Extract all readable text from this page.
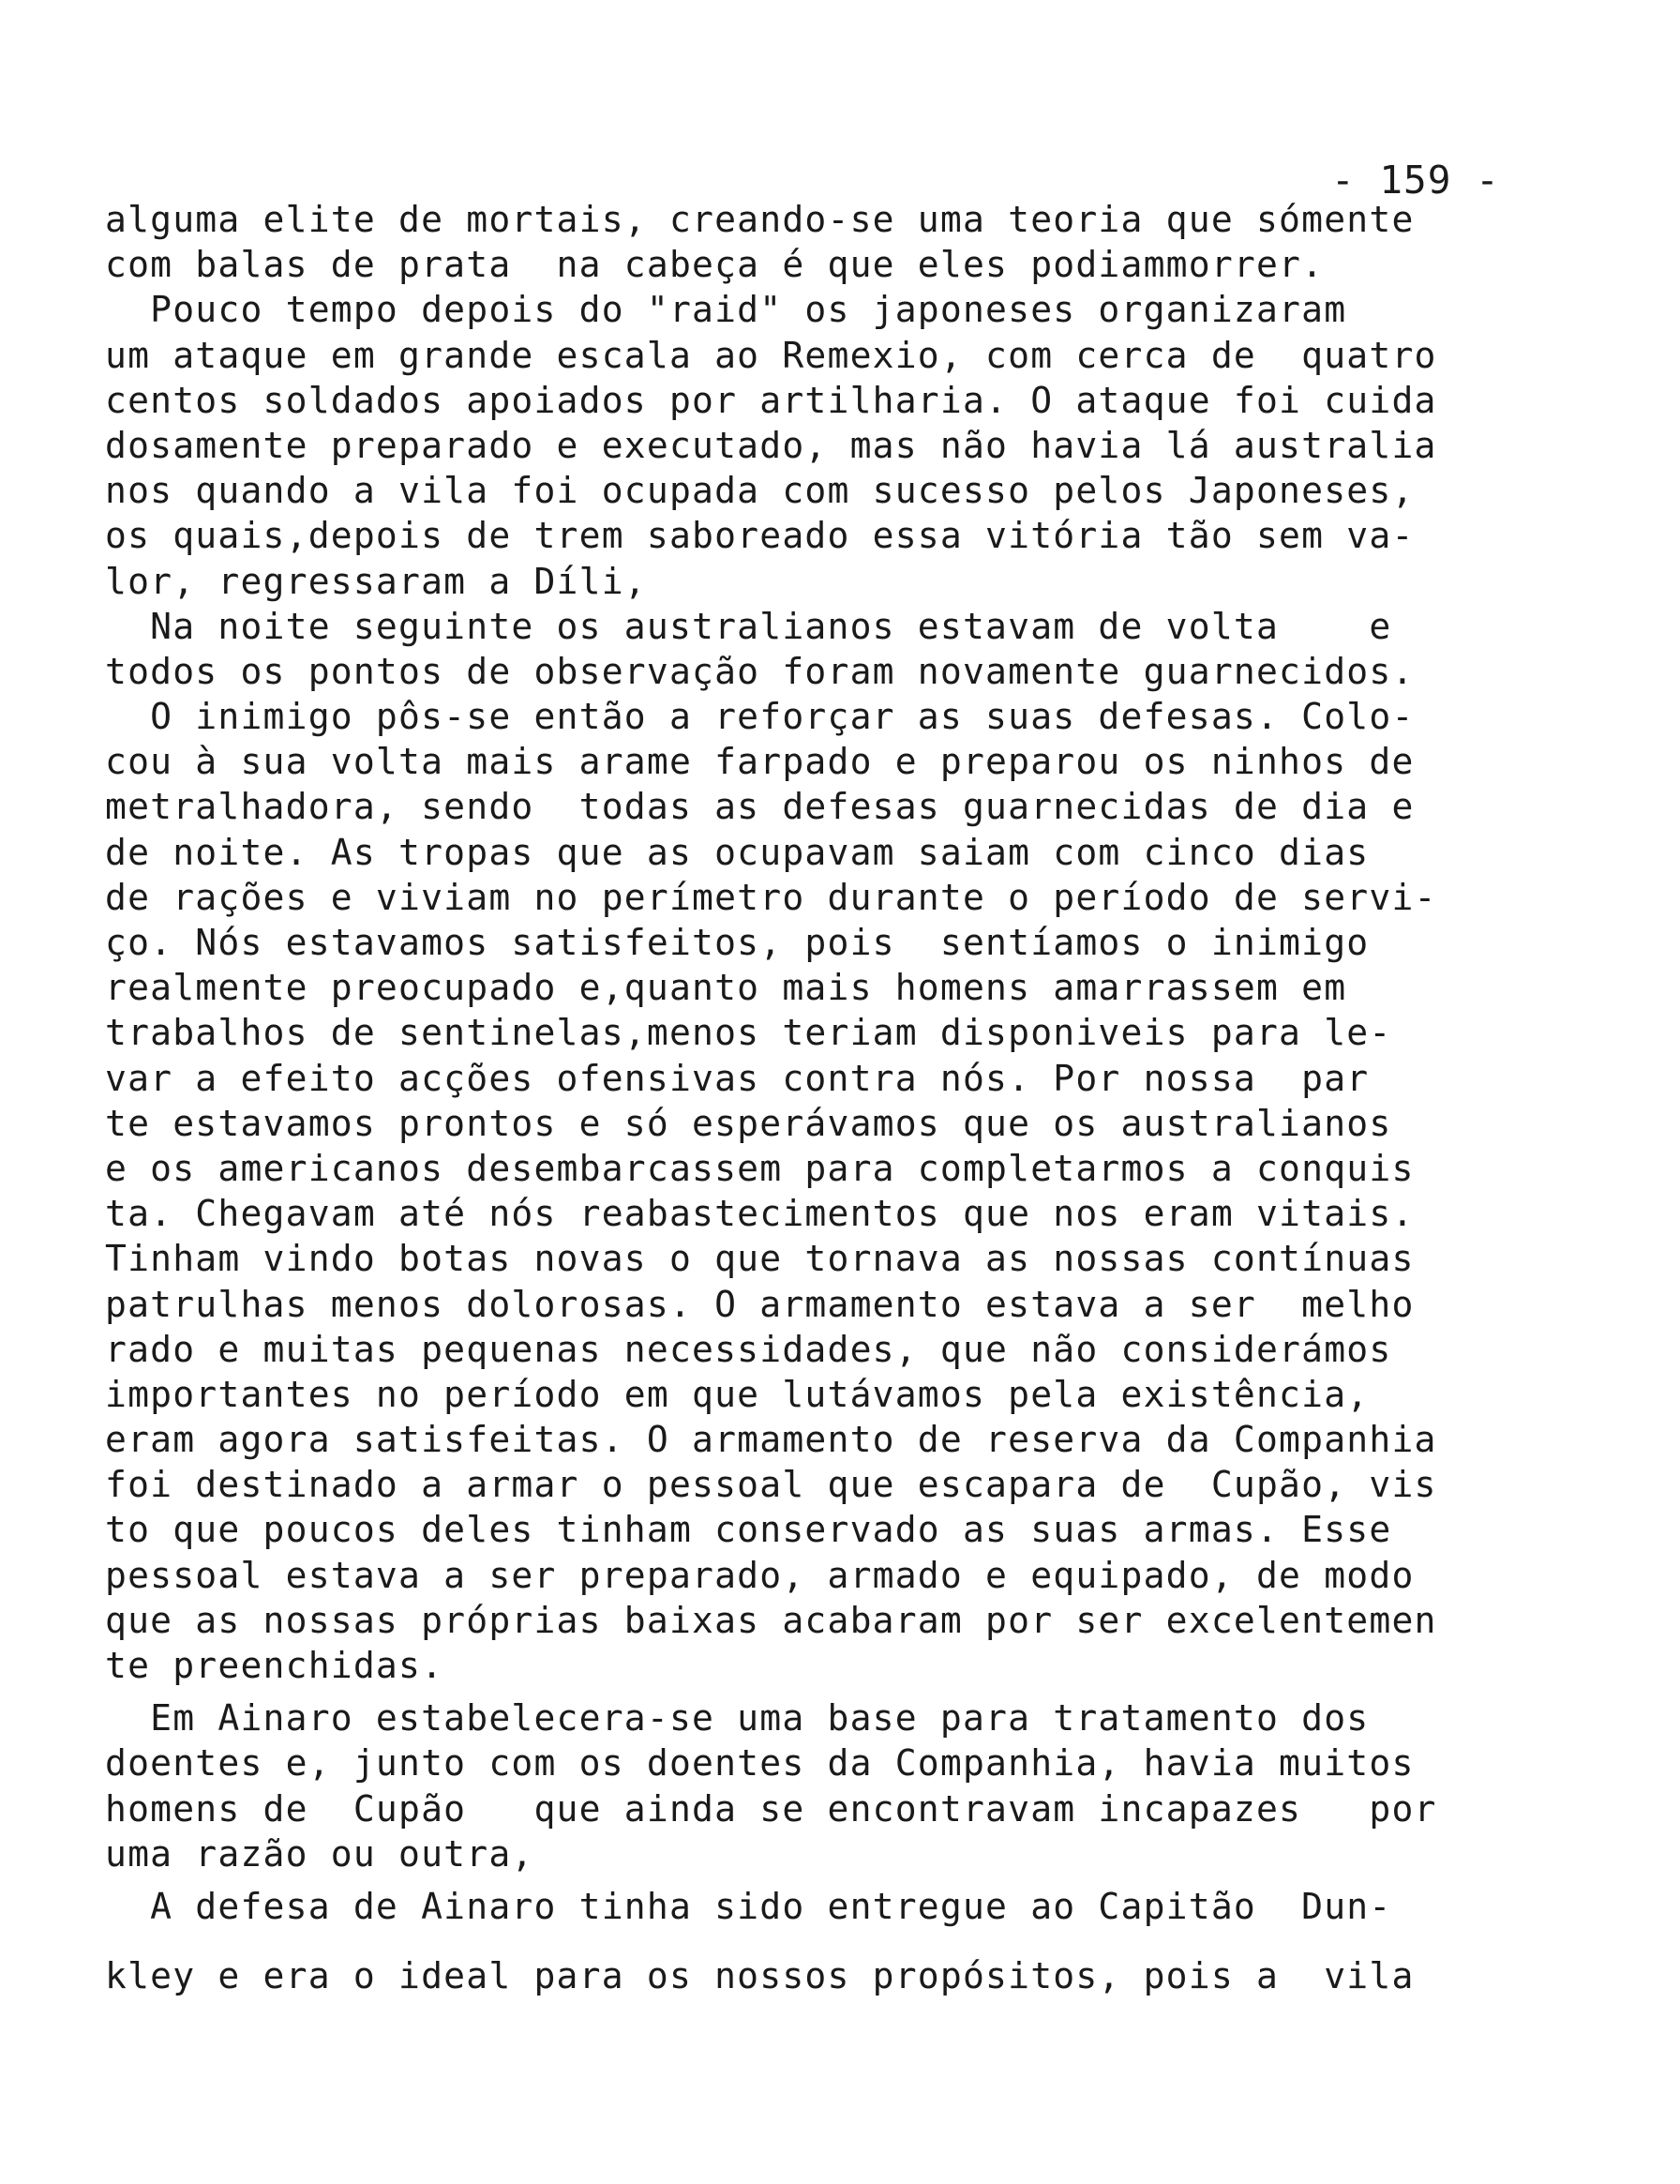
- 159 -
alguma elite de mortais, creando-se uma teoria que sómente
com balas de prata  na cabeça é que eles podiammorrer.
Pouco tempo depois do "raid" os japoneses organizaram
um ataque em grande escala ao Remexio, com cerca de  quatro
centos soldados apoiados por artilharia. O ataque foi cuida
dosamente preparado e executado, mas não havia lá australia
nos quando a vila foi ocupada com sucesso pelos Japoneses,
os quais,depois de trem saboreado essa vitória tão sem va-
lor, regressaram a Díli,
Na noite seguinte os australianos estavam de volta    e
todos os pontos de observação foram novamente guarnecidos.
O inimigo pôs-se então a reforçar as suas defesas. Colo-
cou à sua volta mais arame farpado e preparou os ninhos de
metralhadora, sendo  todas as defesas guarnecidas de dia e
de noite. As tropas que as ocupavam saiam com cinco dias
de rações e viviam no perímetro durante o período de servi-
ço. Nós estavamos satisfeitos, pois  sentíamos o inimigo
realmente preocupado e,quanto mais homens amarrassem em
trabalhos de sentinelas,menos teriam disponiveis para le-
var a efeito acções ofensivas contra nós. Por nossa  par
te estavamos prontos e só esperávamos que os australianos
e os americanos desembarcassem para completarmos a conquis
ta. Chegavam até nós reabastecimentos que nos eram vitais.
Tinham vindo botas novas o que tornava as nossas contínuas
patrulhas menos dolorosas. O armamento estava a ser  melho
rado e muitas pequenas necessidades, que não considerámos
importantes no período em que lutávamos pela existência,
eram agora satisfeitas. O armamento de reserva da Companhia
foi destinado a armar o pessoal que escapara de  Cupão, vis
to que poucos deles tinham conservado as suas armas. Esse
pessoal estava a ser preparado, armado e equipado, de modo
que as nossas próprias baixas acabaram por ser excelentemen
te preenchidas.
Em Ainaro estabelecera-se uma base para tratamento dos
doentes e, junto com os doentes da Companhia, havia muitos
homens de  Cupão   que ainda se encontravam incapazes   por
uma razão ou outra,
A defesa de Ainaro tinha sido entregue ao Capitão  Dun-
kley e era o ideal para os nossos propósitos, pois a  vila
